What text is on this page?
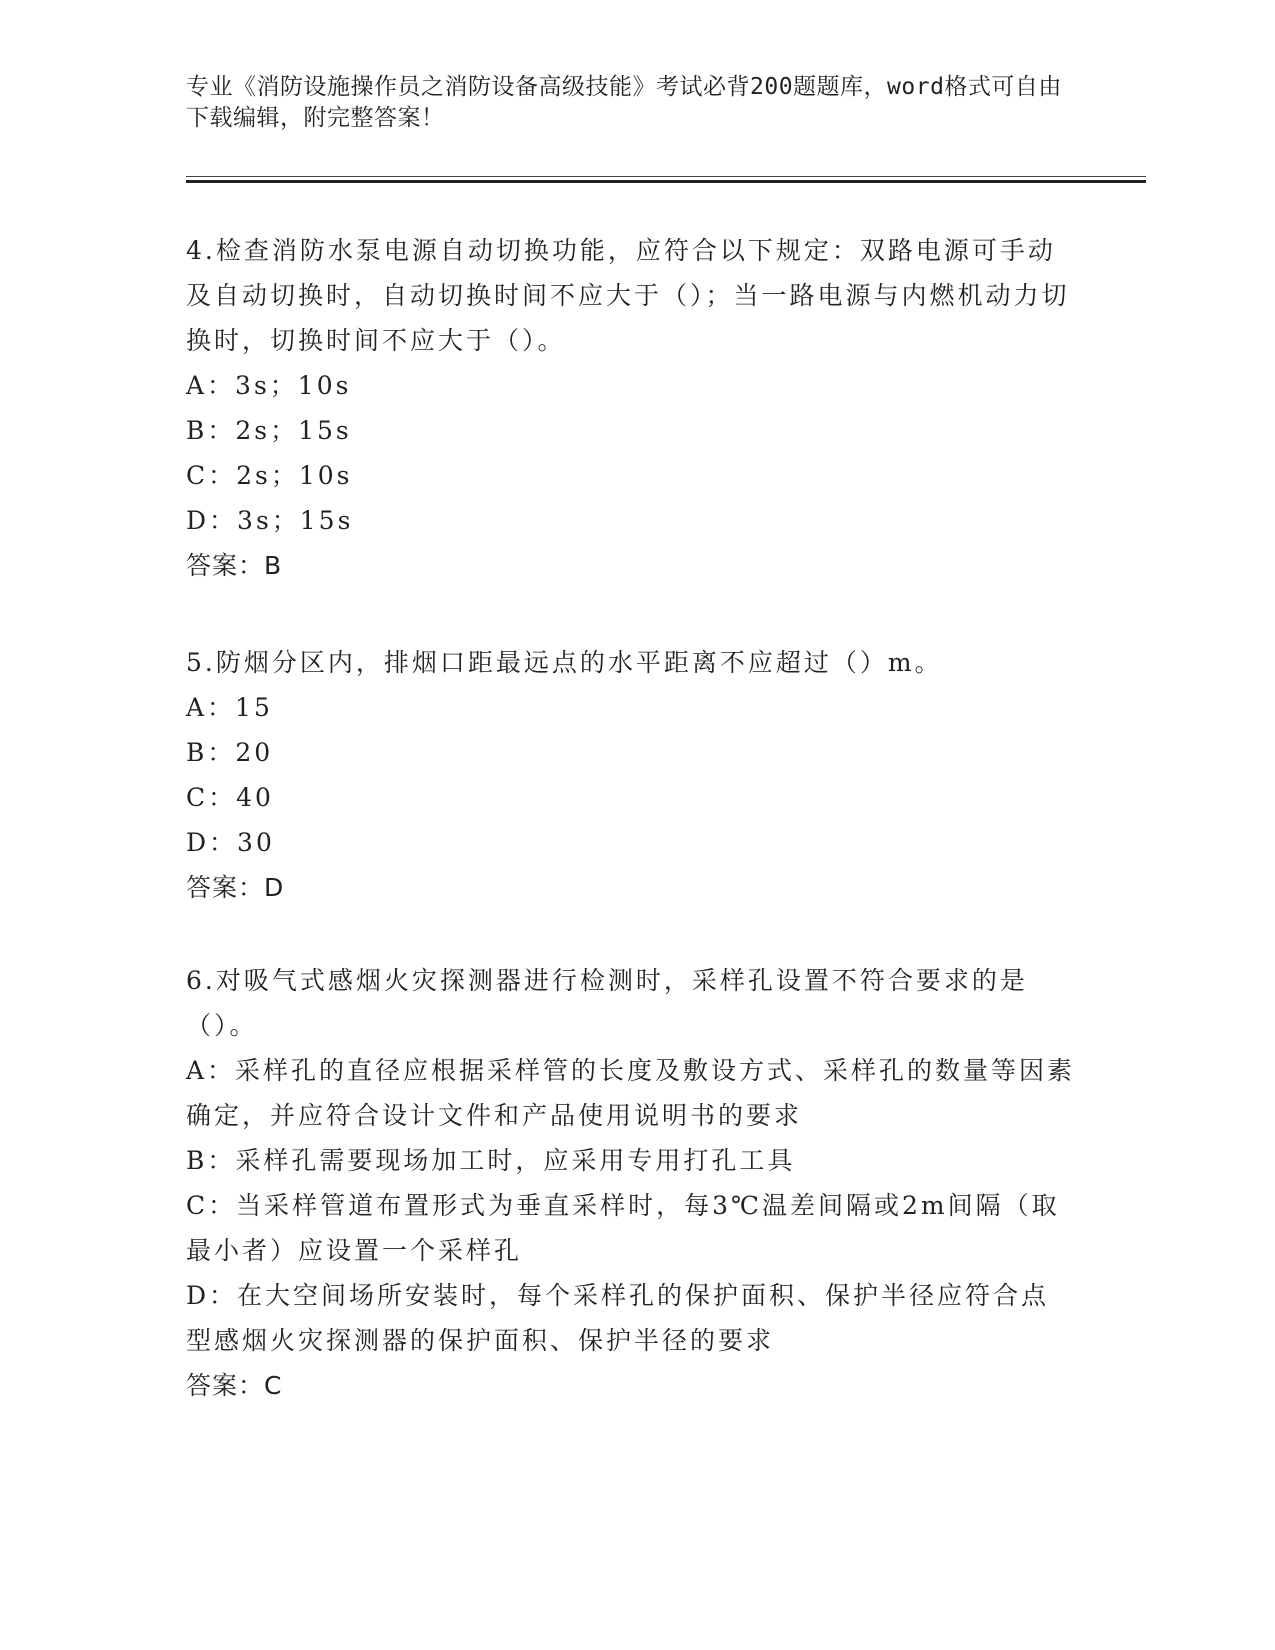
专业《消防设施操作员之消防设备高级技能》考试必背200题题库，word格式可自由下载编辑，附完整答案！

4.检查消防水泵电源自动切换功能，应符合以下规定：双路电源可手动及自动切换时，自动切换时间不应大于（）；当一路电源与内燃机动力切换时，切换时间不应大于（）。

A：3s；10s

B：2s；15s

C：2s；10s

D：3s；15s

答案：B

5.防烟分区内，排烟口距最远点的水平距离不应超过（）m。

A：15

B：20

C：40

D：30

答案：D

6.对吸气式感烟火灾探测器进行检测时，采样孔设置不符合要求的是（）。

A：采样孔的直径应根据采样管的长度及敷设方式、采样孔的数量等因素确定，并应符合设计文件和产品使用说明书的要求

B：采样孔需要现场加工时，应采用专用打孔工具

C：当采样管道布置形式为垂直采样时，每3℃温差间隔或2m间隔（取最小者）应设置一个采样孔

D：在大空间场所安装时，每个采样孔的保护面积、保护半径应符合点型感烟火灾探测器的保护面积、保护半径的要求

答案：C
